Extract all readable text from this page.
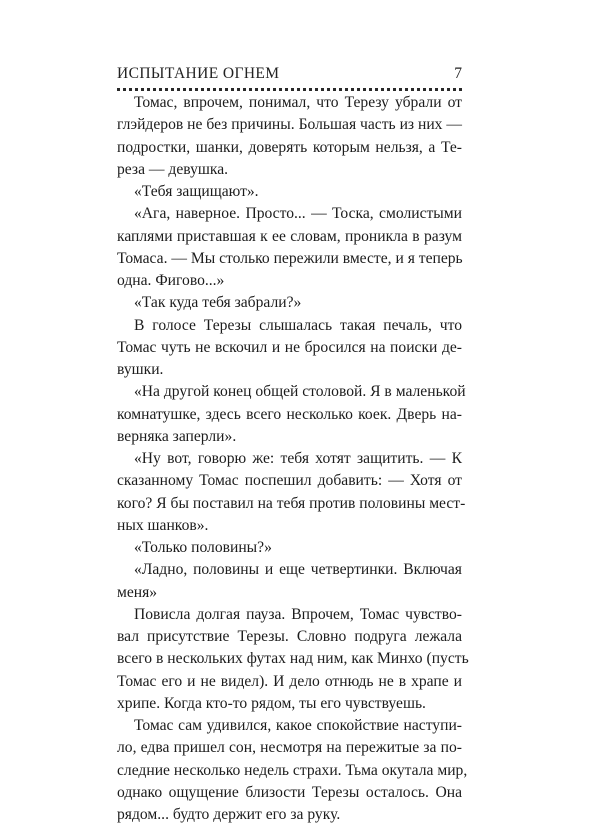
ИСПЫТАНИЕ ОГНЕМ	7
Томас, впрочем, понимал, что Терезу убрали от
глэйдеров не без причины. Большая часть из них —
подростки, шанки, доверять которым нельзя, а Те-
реза — девушка.
«Тебя защищают».
«Ага, наверное. Просто... — Тоска, смолистыми
каплями приставшая к ее словам, проникла в разум
Томаса. — Мы столько пережили вместе, и я теперь
одна. Фигово...»
«Так куда тебя забрали?»
В голосе Терезы слышалась такая печаль, что
Томас чуть не вскочил и не бросился на поиски де-
вушки.
«На другой конец общей столовой. Я в маленькой
комнатушке, здесь всего несколько коек. Дверь на-
верняка заперли».
«Ну вот, говорю же: тебя хотят защитить. — К
сказанному Томас поспешил добавить: — Хотя от
кого? Я бы поставил на тебя против половины мест-
ных шанков».
«Только половины?»
«Ладно, половины и еще четвертинки. Включая
меня»
Повисла долгая пауза. Впрочем, Томас чувство-
вал присутствие Терезы. Словно подруга лежала
всего в нескольких футах над ним, как Минхо (пусть
Томас его и не видел). И дело отнюдь не в храпе и
хрипе. Когда кто-то рядом, ты его чувствуешь.
Томас сам удивился, какое спокойствие наступи-
ло, едва пришел сон, несмотря на пережитые за по-
следние несколько недель страхи. Тьма окутала мир,
однако ощущение близости Терезы осталось. Она
рядом... будто держит его за руку.
